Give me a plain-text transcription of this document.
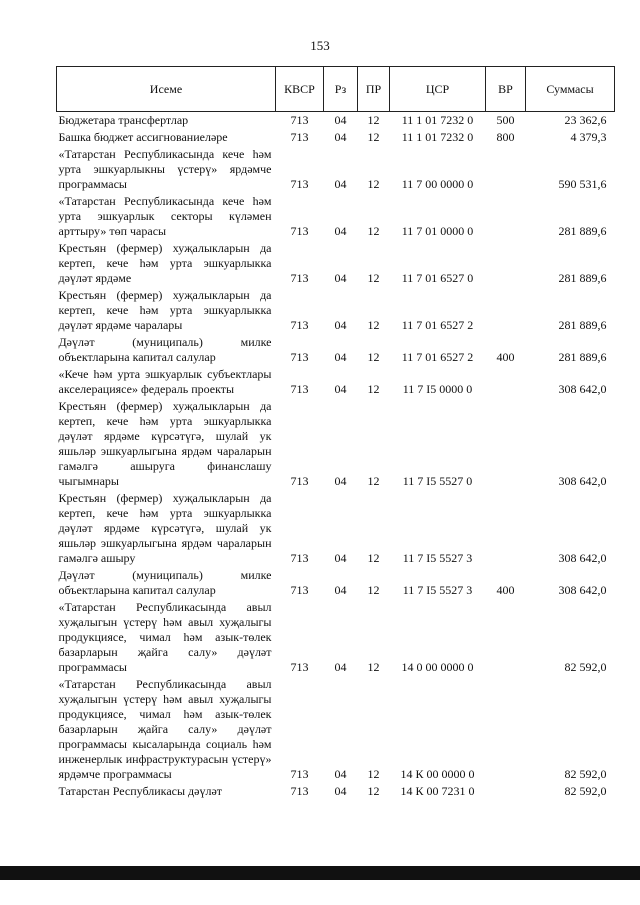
153
Исеме	КВСР	Рз	ПР	ЦСР	ВР	Суммасы
Бюджетара трансфертлар	713	04	12	11 1 01 7232 0	500	23 362,6
Башка бюджет ассигнованиеләре	713	04	12	11 1 01 7232 0	800	4 379,3
«Татарстан Республикасында кече һәм урта эшкуарлыкны үстерү» ярдәмче программасы	713	04	12	11 7 00 0000 0		590 531,6
«Татарстан Республикасында кече һәм урта эшкуарлык секторы күләмен арттыру» төп чарасы	713	04	12	11 7 01 0000 0		281 889,6
Крестьян (фермер) хуҗалыкларын да кертеп, кече һәм урта эшкуарлыкка дәүләт ярдәме	713	04	12	11 7 01 6527 0		281 889,6
Крестьян (фермер) хуҗалыкларын да кертеп, кече һәм урта эшкуарлыкка дәүләт ярдәме чаралары	713	04	12	11 7 01 6527 2		281 889,6
Дәүләт (муниципаль) милке объектларына капитал салулар	713	04	12	11 7 01 6527 2	400	281 889,6
«Кече һәм урта эшкуарлык субъектлары акселерациясе» федераль проекты	713	04	12	11 7 I5 0000 0		308 642,0
Крестьян (фермер) хуҗалыкларын да кертеп, кече һәм урта эшкуарлыкка дәүләт ярдәме күрсәтүгә, шулай ук яшьләр эшкуарлыгына ярдәм чараларын гамәлгә ашыруга финанслашу чыгымнары	713	04	12	11 7 I5 5527 0		308 642,0
Крестьян (фермер) хуҗалыкларын да кертеп, кече һәм урта эшкуарлыкка дәүләт ярдәме күрсәтүгә, шулай ук яшьләр эшкуарлыгына ярдәм чараларын гамәлгә ашыру	713	04	12	11 7 I5 5527 3		308 642,0
Дәүләт (муниципаль) милке объектларына капитал салулар	713	04	12	11 7 I5 5527 3	400	308 642,0
«Татарстан Республикасында авыл хуҗалыгын үстерү һәм авыл хуҗалыгы продукциясе, чимал һәм азык-төлек базарларын җайга салу» дәүләт программасы	713	04	12	14 0 00 0000 0		82 592,0
«Татарстан Республикасында авыл хуҗалыгын үстерү һәм авыл хуҗалыгы продукциясе, чимал һәм азык-төлек базарларын җайга салу» дәүләт программасы кысаларында социаль һәм инженерлык инфраструктурасын үстерү» ярдәмче программасы	713	04	12	14 К 00 0000 0		82 592,0
Татарстан Республикасы дәүләт	713	04	12	14 К 00 7231 0		82 592,0
